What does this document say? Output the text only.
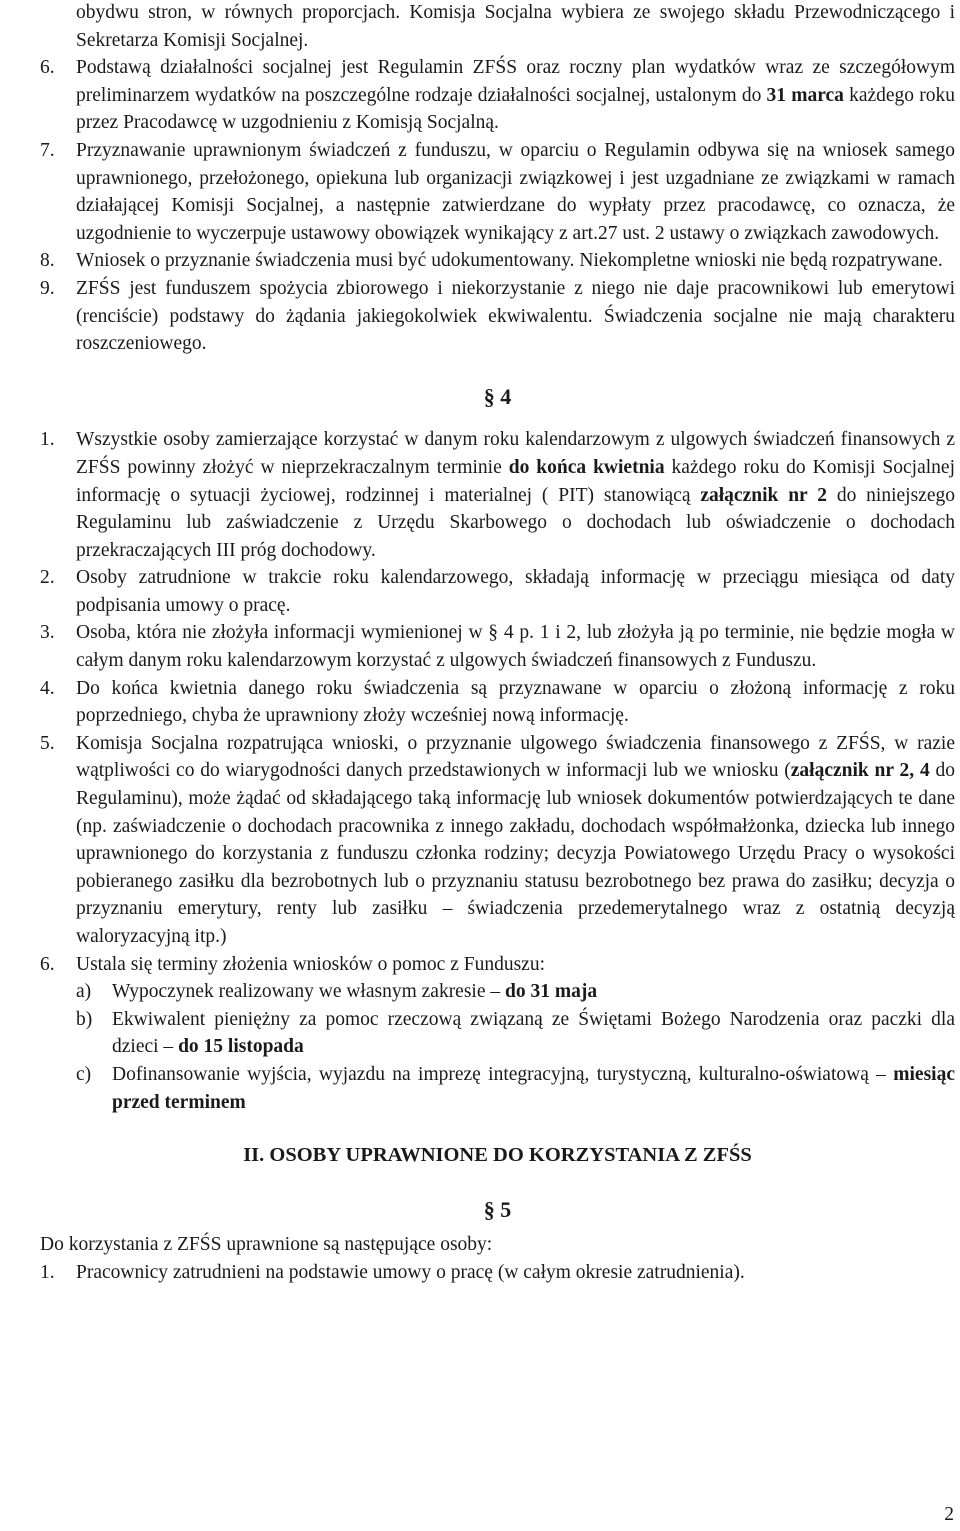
obydwu stron, w równych proporcjach. Komisja Socjalna wybiera ze swojego składu Przewodniczącego i Sekretarza Komisji Socjalnej.

6. Podstawą działalności socjalnej jest Regulamin ZFŚS oraz roczny plan wydatków wraz ze szczegółowym preliminarzem wydatków na poszczególne rodzaje działalności socjalnej, ustalonym do 31 marca każdego roku przez Pracodawcę w uzgodnieniu z Komisją Socjalną.

7. Przyznawanie uprawnionym świadczeń z funduszu, w oparciu o Regulamin odbywa się na wniosek samego uprawnionego, przełożonego, opiekuna lub organizacji związkowej i jest uzgadniane ze związkami w ramach działającej Komisji Socjalnej, a następnie zatwierdzane do wypłaty przez pracodawcę, co oznacza, że uzgodnienie to wyczerpuje ustawowy obowiązek wynikający z art.27 ust. 2 ustawy o związkach zawodowych.

8. Wniosek o przyznanie świadczenia musi być udokumentowany. Niekompletne wnioski nie będą rozpatrywane.

9. ZFŚS jest funduszem spożycia zbiorowego i niekorzystanie z niego nie daje pracownikowi lub emerytowi (renciście) podstawy do żądania jakiegokolwiek ekwiwalentu. Świadczenia socjalne nie mają charakteru roszczeniowego.

§ 4

1. Wszystkie osoby zamierzające korzystać w danym roku kalendarzowym z ulgowych świadczeń finansowych z ZFŚS powinny złożyć w nieprzekraczalnym terminie do końca kwietnia każdego roku do Komisji Socjalnej informację o sytuacji życiowej, rodzinnej i materialnej ( PIT) stanowiącą załącznik nr 2 do niniejszego Regulaminu lub zaświadczenie z Urzędu Skarbowego o dochodach lub oświadczenie o dochodach przekraczających III próg dochodowy.

2. Osoby zatrudnione w trakcie roku kalendarzowego, składają informację w przeciągu miesiąca od daty podpisania umowy o pracę.

3. Osoba, która nie złożyła informacji wymienionej w § 4 p. 1 i 2, lub złożyła ją po terminie, nie będzie mogła w całym danym roku kalendarzowym korzystać z ulgowych świadczeń finansowych z Funduszu.

4. Do końca kwietnia danego roku świadczenia są przyznawane w oparciu o złożoną informację z roku poprzedniego, chyba że uprawniony złoży wcześniej nową informację.

5. Komisja Socjalna rozpatrująca wnioski, o przyznanie ulgowego świadczenia finansowego z ZFŚS, w razie wątpliwości co do wiarygodności danych przedstawionych w informacji lub we wniosku (załącznik nr 2, 4 do Regulaminu), może żądać od składającego taką informację lub wniosek dokumentów potwierdzających te dane (np. zaświadczenie o dochodach pracownika z innego zakładu, dochodach współmałżonka, dziecka lub innego uprawnionego do korzystania z funduszu członka rodziny; decyzja Powiatowego Urzędu Pracy o wysokości pobieranego zasiłku dla bezrobotnych lub o przyznaniu statusu bezrobotnego bez prawa do zasiłku; decyzja o przyznaniu emerytury, renty lub zasiłku – świadczenia przedemerytalnego wraz z ostatnią decyzją waloryzacyjną itp.)

6. Ustala się terminy złożenia wniosków o pomoc z Funduszu:

a) Wypoczynek realizowany we własnym zakresie – do 31 maja

b) Ekwiwalent pieniężny za pomoc rzeczową związaną ze Świętami Bożego Narodzenia oraz paczki dla dzieci – do 15 listopada

c) Dofinansowanie wyjścia, wyjazdu na imprezę integracyjną, turystyczną, kulturalno-oświatową – miesiąc przed terminem

II. OSOBY UPRAWNIONE DO KORZYSTANIA Z ZFŚS
§ 5

Do korzystania z ZFŚS uprawnione są następujące osoby:

1. Pracownicy zatrudnieni na podstawie umowy o pracę (w całym okresie zatrudnienia).

2
